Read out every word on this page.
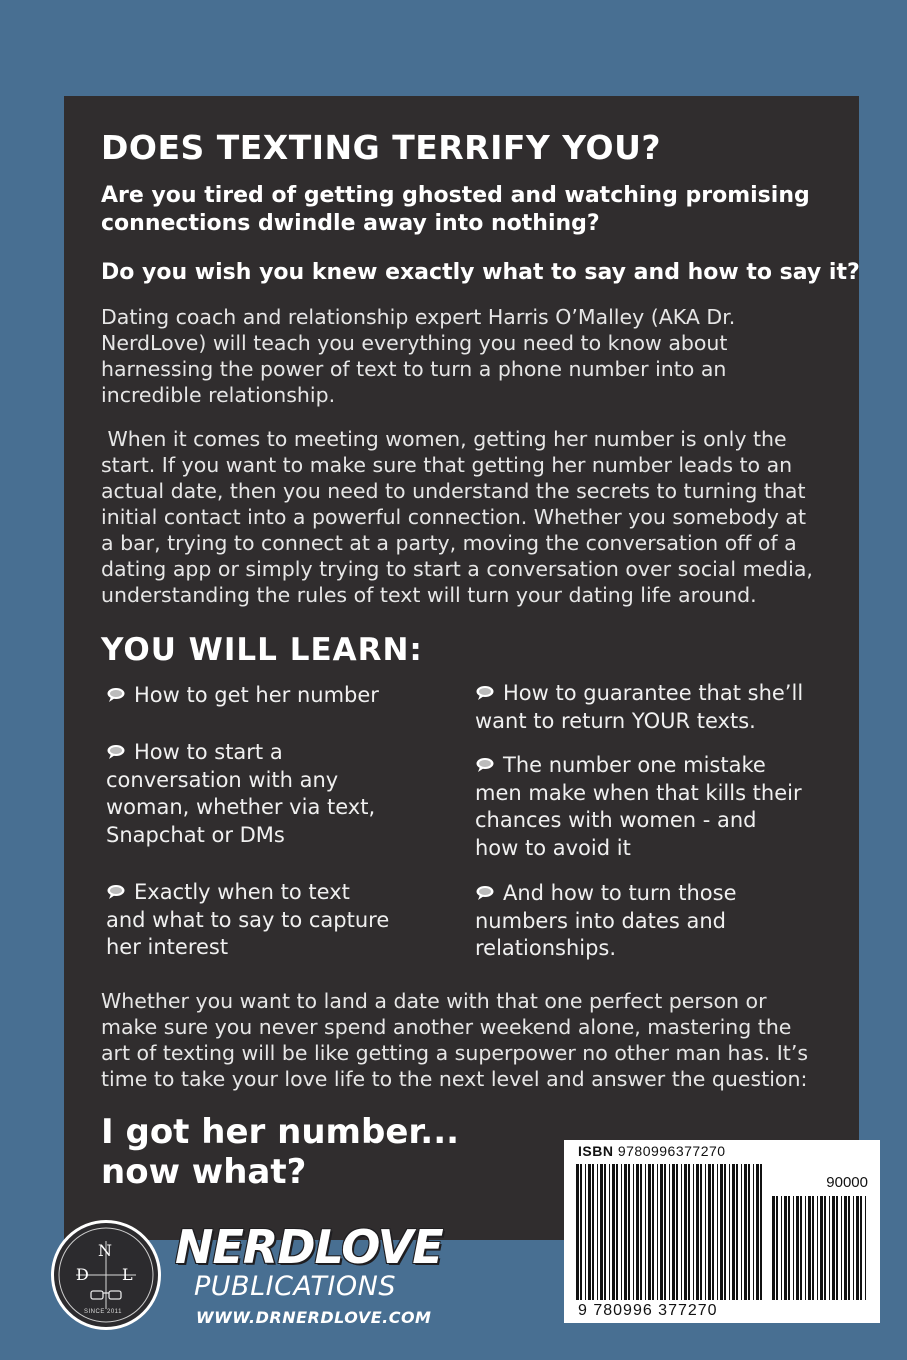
DOES TEXTING TERRIFY YOU?

Are you tired of getting ghosted and watching promising
connections dwindle away into nothing?

Do you wish you knew exactly what to say and how to say it?

Dating coach and relationship expert Harris O’Malley (AKA Dr.
NerdLove) will teach you everything you need to know about
harnessing the power of text to turn a phone number into an
incredible relationship.

When it comes to meeting women, getting her number is only the
start. If you want to make sure that getting her number leads to an
actual date, then you need to understand the secrets to turning that
initial contact into a powerful connection. Whether you somebody at
a bar, trying to connect at a party, moving the conversation off of a
dating app or simply trying to start a conversation over social media,
understanding the rules of text will turn your dating life around.

YOU WILL LEARN:

How to get her number

How to start a
conversation with any
woman, whether via text,
Snapchat or DMs

Exactly when to text
and what to say to capture
her interest

How to guarantee that she’ll
want to return YOUR texts.

The number one mistake
men make when that kills their
chances with women - and
how to avoid it

And how to turn those
numbers into dates and
relationships.

Whether you want to land a date with that one perfect person or
make sure you never spend another weekend alone, mastering the
art of texting will be like getting a superpower no other man has. It’s
time to take your love life to the next level and answer the question:

I got her number...
now what?

ISBN 9780996377270
90000
9 780996 377270
N
D L
SINCE 2011

NERDLOVE

PUBLICATIONS

WWW.DRNERDLOVE.COM
